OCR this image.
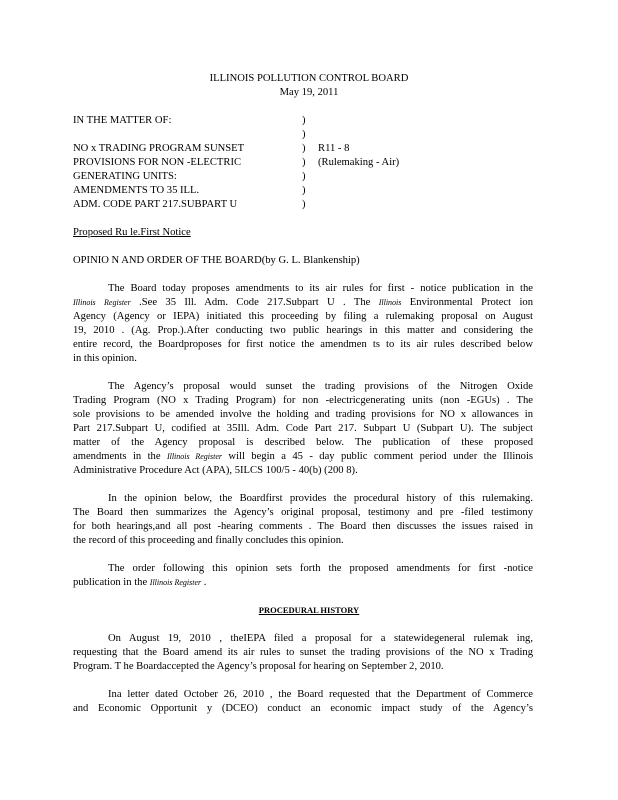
ILLINOIS POLLUTION CONTROL BOARD
May 19, 2011
IN THE MATTER OF:
NO x TRADING PROGRAM SUNSET
PROVISIONS FOR NON -ELECTRIC
GENERATING UNITS:
AMENDMENTS TO 35 ILL.
ADM. CODE PART 217.SUBPART U
)
)
)
)
)
)
)
R11 - 8
(Rulemaking - Air)
Proposed Ru le.First Notice
OPINIO N AND ORDER OF THE BOARD(by G. L. Blankenship)
The Board today proposes amendments to its air rules for first - notice publication in the
Illinois Register .See 35 Ill. Adm. Code 217.Subpart U . The Illinois Environmental Protect ion
Agency (Agency or IEPA) initiated this proceeding by filing a rulemaking proposal on August
19, 2010 . (Ag. Prop.).After conducting two public hearings in this matter and considering the
entire record, the Boardproposes for first notice the amendmen ts to its air rules described below
in this opinion.
The Agency’s proposal would sunset the trading provisions of the Nitrogen Oxide
Trading Program (NO x Trading Program) for non -electricgenerating units (non -EGUs) . The
sole provisions to be amended involve the holding and trading provisions for NO x allowances in
Part 217.Subpart U, codified at 35Ill. Adm. Code Part 217. Subpart U (Subpart U). The subject
matter of the Agency proposal is described below. The publication of these proposed
amendments in the Illinois Register will begin a 45 - day public comment period under the Illinois
Administrative Procedure Act (APA), 5ILCS 100/5 - 40(b) (200 8).
In the opinion below, the Boardfirst provides the procedural history of this rulemaking.
The Board then summarizes the Agency’s original proposal, testimony and pre -filed testimony
for both hearings,and all post -hearing comments . The Board then discusses the issues raised in
the record of this proceeding and finally concludes this opinion.
The order following this opinion sets forth the proposed amendments for first -notice
publication in the Illinois Register .
PROCEDURAL HISTORY
On August 19, 2010 , theIEPA filed a proposal for a statewidegeneral rulemak ing,
requesting that the Board amend its air rules to sunset the trading provisions of the NO x Trading
Program. T he Boardaccepted the Agency’s proposal for hearing on September 2, 2010.
Ina letter dated October 26, 2010 , the Board requested that the Department of Commerce
and Economic Opportunit y (DCEO) conduct an economic impact study of the Agency’s
